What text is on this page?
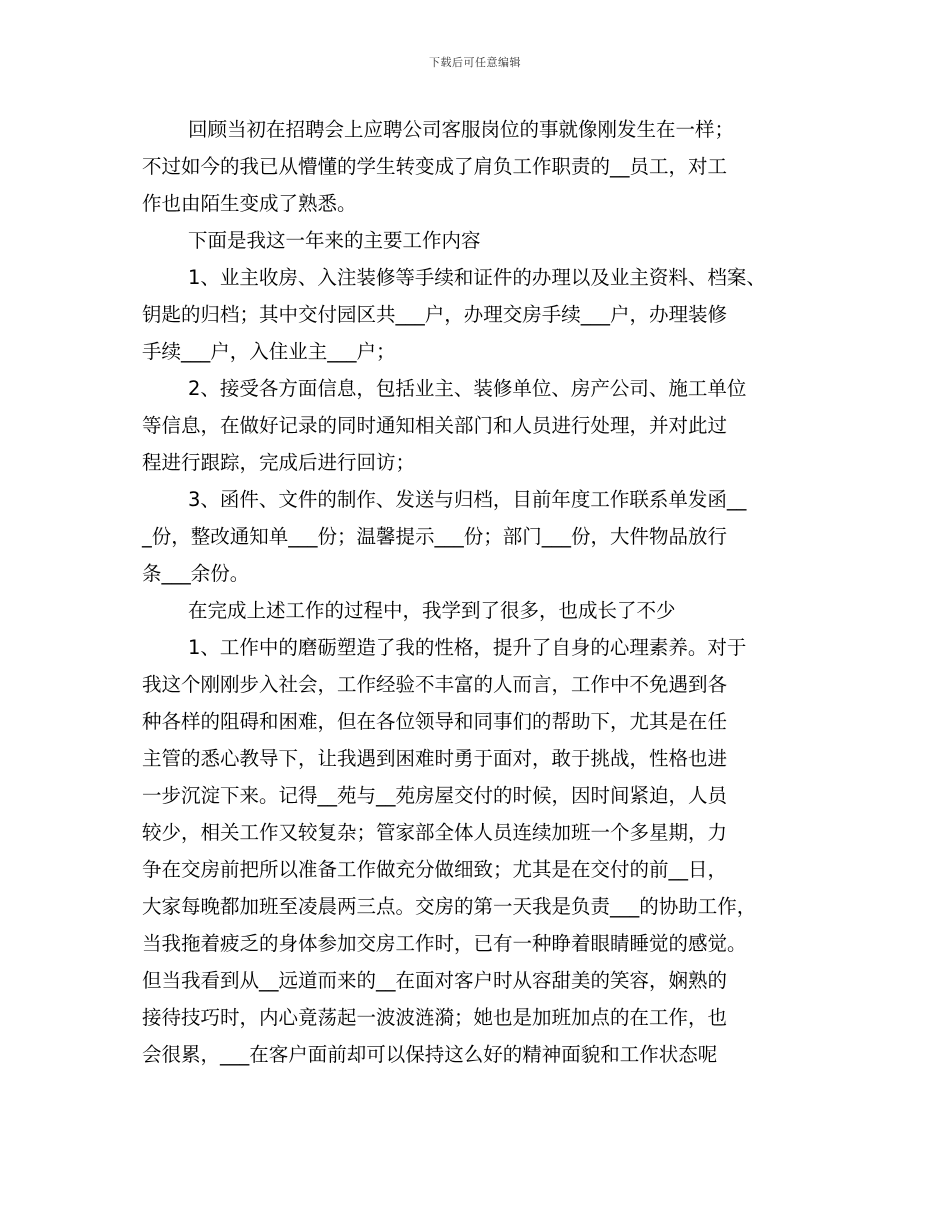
下载后可任意编辑
回顾当初在招聘会上应聘公司客服岗位的事就像刚发生在一样；
不过如今的我已从懵懂的学生转变成了肩负工作职责的__员工，对工
作也由陌生变成了熟悉。
下面是我这一年来的主要工作内容
1、业主收房、入注装修等手续和证件的办理以及业主资料、档案、
钥匙的归档；其中交付园区共___户，办理交房手续___户，办理装修
手续___户，入住业主___户；
2、接受各方面信息，包括业主、装修单位、房产公司、施工单位
等信息，在做好记录的同时通知相关部门和人员进行处理，并对此过
程进行跟踪，完成后进行回访；
3、函件、文件的制作、发送与归档，目前年度工作联系单发函__
_份，整改通知单___份；温馨提示___份；部门___份，大件物品放行
条___余份。
在完成上述工作的过程中，我学到了很多，也成长了不少
1、工作中的磨砺塑造了我的性格，提升了自身的心理素养。对于
我这个刚刚步入社会，工作经验不丰富的人而言，工作中不免遇到各
种各样的阻碍和困难，但在各位领导和同事们的帮助下，尤其是在任
主管的悉心教导下，让我遇到困难时勇于面对，敢于挑战，性格也进
一步沉淀下来。记得__苑与__苑房屋交付的时候，因时间紧迫，人员
较少，相关工作又较复杂；管家部全体人员连续加班一个多星期，力
争在交房前把所以准备工作做充分做细致；尤其是在交付的前__日，
大家每晚都加班至凌晨两三点。交房的第一天我是负责___的协助工作，
当我拖着疲乏的身体参加交房工作时，已有一种睁着眼睛睡觉的感觉。
但当我看到从__远道而来的__在面对客户时从容甜美的笑容，娴熟的
接待技巧时，内心竟荡起一波波涟漪；她也是加班加点的在工作，也
会很累，___在客户面前却可以保持这么好的精神面貌和工作状态呢
